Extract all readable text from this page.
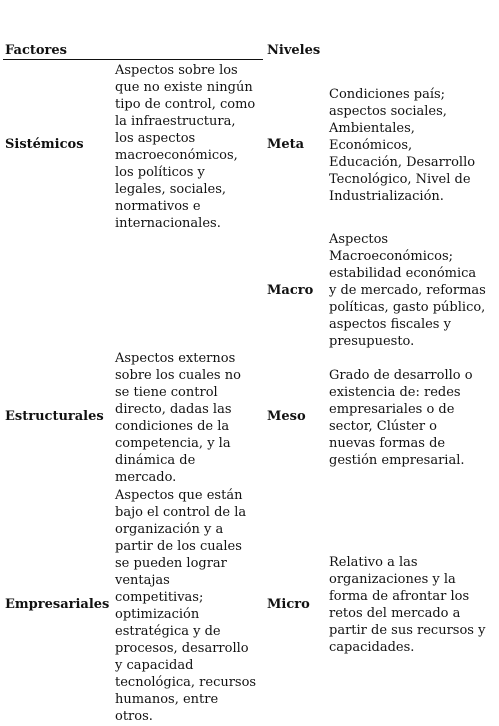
Factores	Niveles
Sistémicos
Aspectos sobre los
que no existe ningún
tipo de control, como
la infraestructura,
los aspectos
macroeconómicos,
los políticos y
legales, sociales,
normativos e
internacionales.
Estructurales
Aspectos externos
sobre los cuales no
se tiene control
directo, dadas las
condiciones de la
competencia, y la
dinámica de
mercado.
Empresariales
Aspectos que están
bajo el control de la
organización y a
partir de los cuales
se pueden lograr
ventajas
competitivas;
optimización
estratégica y de
procesos, desarrollo
y capacidad
tecnológica, recursos
humanos, entre
otros.
Meta
Condiciones país;
aspectos sociales,
Ambientales,
Económicos,
Educación, Desarrollo
Tecnológico, Nivel de
Industrialización.
Macro
Aspectos
Macroeconómicos;
estabilidad económica
y de mercado, reformas
políticas, gasto público,
aspectos fiscales y
presupuesto.
Meso
Grado de desarrollo o
existencia de: redes
empresariales o de
sector, Clúster o
nuevas formas de
gestión empresarial.
Micro
Relativo a las
organizaciones y la
forma de afrontar los
retos del mercado a
partir de sus recursos y
capacidades.
